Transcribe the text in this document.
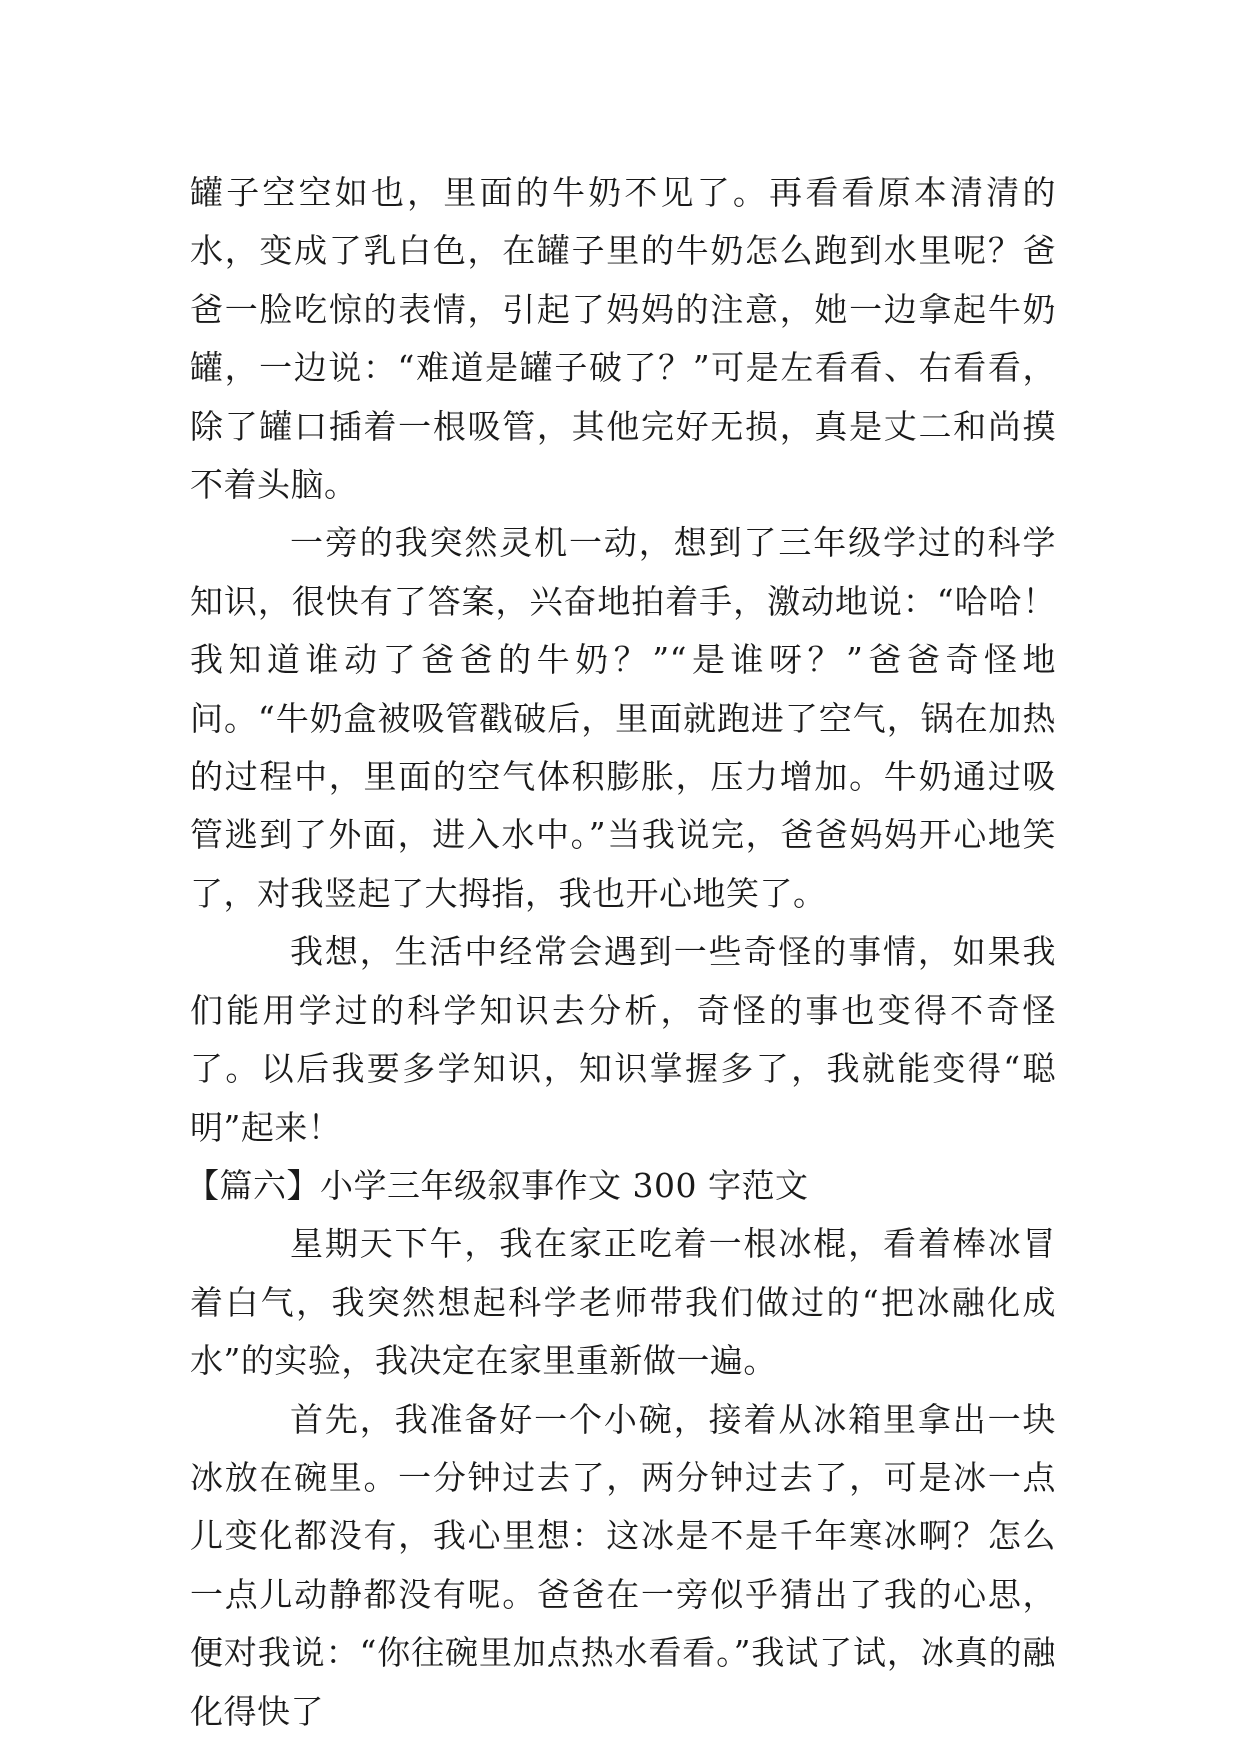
罐子空空如也，里面的牛奶不见了。再看看原本清清的水，变成了乳白色，在罐子里的牛奶怎么跑到水里呢？爸爸一脸吃惊的表情，引起了妈妈的注意，她一边拿起牛奶罐，一边说：“难道是罐子破了？”可是左看看、右看看，除了罐口插着一根吸管，其他完好无损，真是丈二和尚摸不着头脑。

一旁的我突然灵机一动，想到了三年级学过的科学知识，很快有了答案，兴奋地拍着手，激动地说：“哈哈！我知道谁动了爸爸的牛奶？”“是谁呀？”爸爸奇怪地问。“牛奶盒被吸管戳破后，里面就跑进了空气，锅在加热的过程中，里面的空气体积膨胀，压力增加。牛奶通过吸管逃到了外面，进入水中。”当我说完，爸爸妈妈开心地笑了，对我竖起了大拇指，我也开心地笑了。

我想，生活中经常会遇到一些奇怪的事情，如果我们能用学过的科学知识去分析，奇怪的事也变得不奇怪了。以后我要多学知识，知识掌握多了，我就能变得“聪明”起来！

【篇六】小学三年级叙事作文 300 字范文

星期天下午，我在家正吃着一根冰棍，看着棒冰冒着白气，我突然想起科学老师带我们做过的“把冰融化成水”的实验，我决定在家里重新做一遍。

首先，我准备好一个小碗，接着从冰箱里拿出一块冰放在碗里。一分钟过去了，两分钟过去了，可是冰一点儿变化都没有，我心里想：这冰是不是千年寒冰啊？怎么一点儿动静都没有呢。爸爸在一旁似乎猜出了我的心思，便对我说：“你往碗里加点热水看看。”我试了试，冰真的融化得快了
